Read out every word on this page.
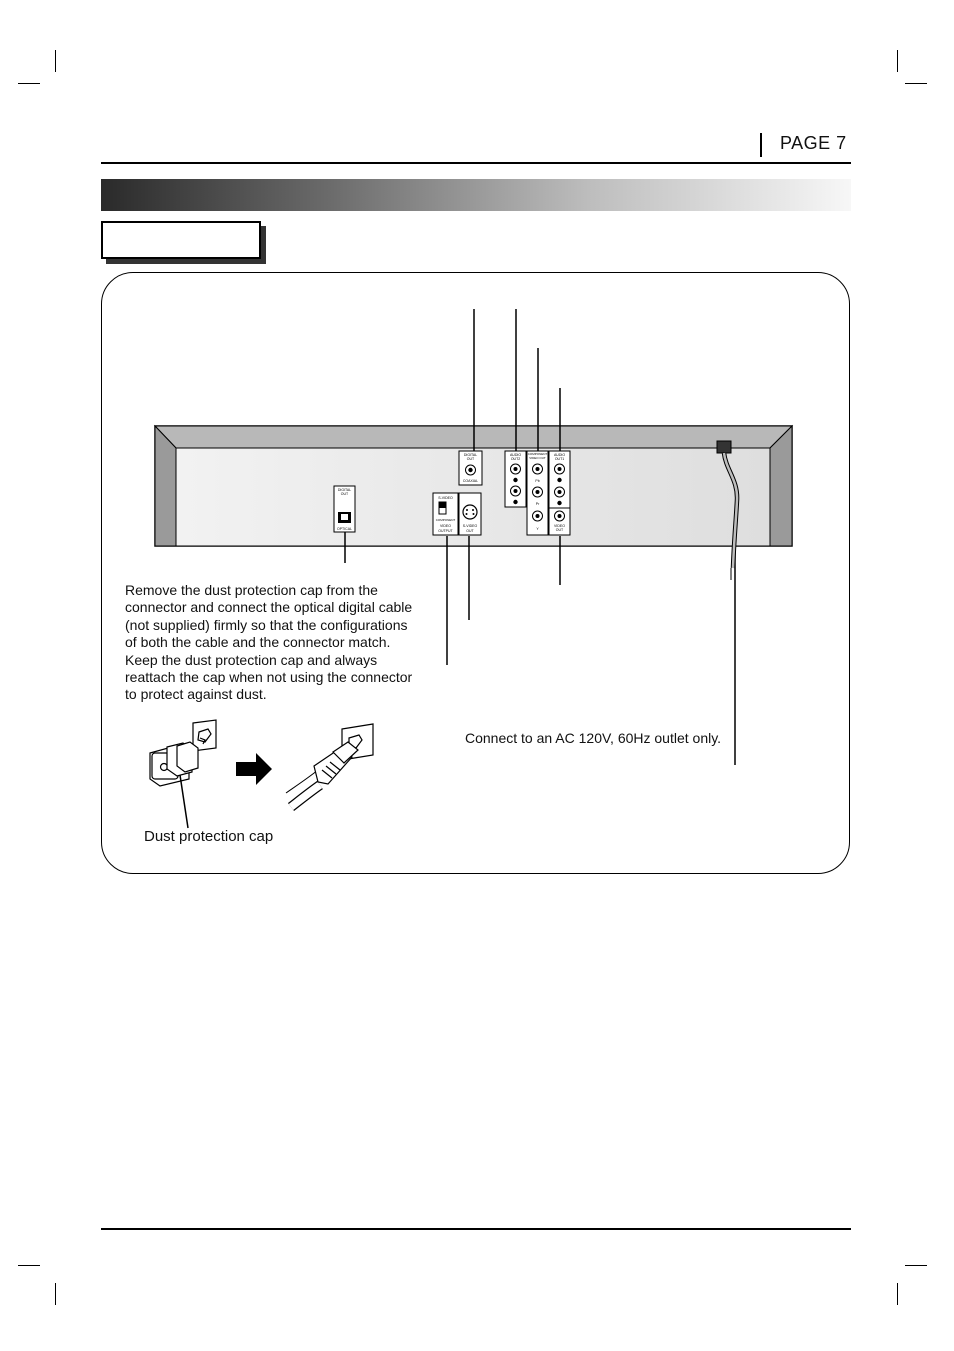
PAGE 7
DIGITAL
OUT
COAXIAL
AUDIO
OUT2
COMPONENT
VIDEO OUT
Pb
Pr
Y
AUDIO
OUT1
VIDEO
OUT
S-VIDEO
COMPONENT
VIDEO
OUTPUT
S-VIDEO
OUT
DIGITAL
OUT
OPTICAL
Remove the dust protection cap from the connector and connect the optical digital cable (not supplied) firmly so that the configurations of both the cable and the connector match. Keep the dust protection cap and always reattach the cap when not using the connector to protect against dust.
Connect to an AC 120V, 60Hz outlet only.
Dust protection cap
